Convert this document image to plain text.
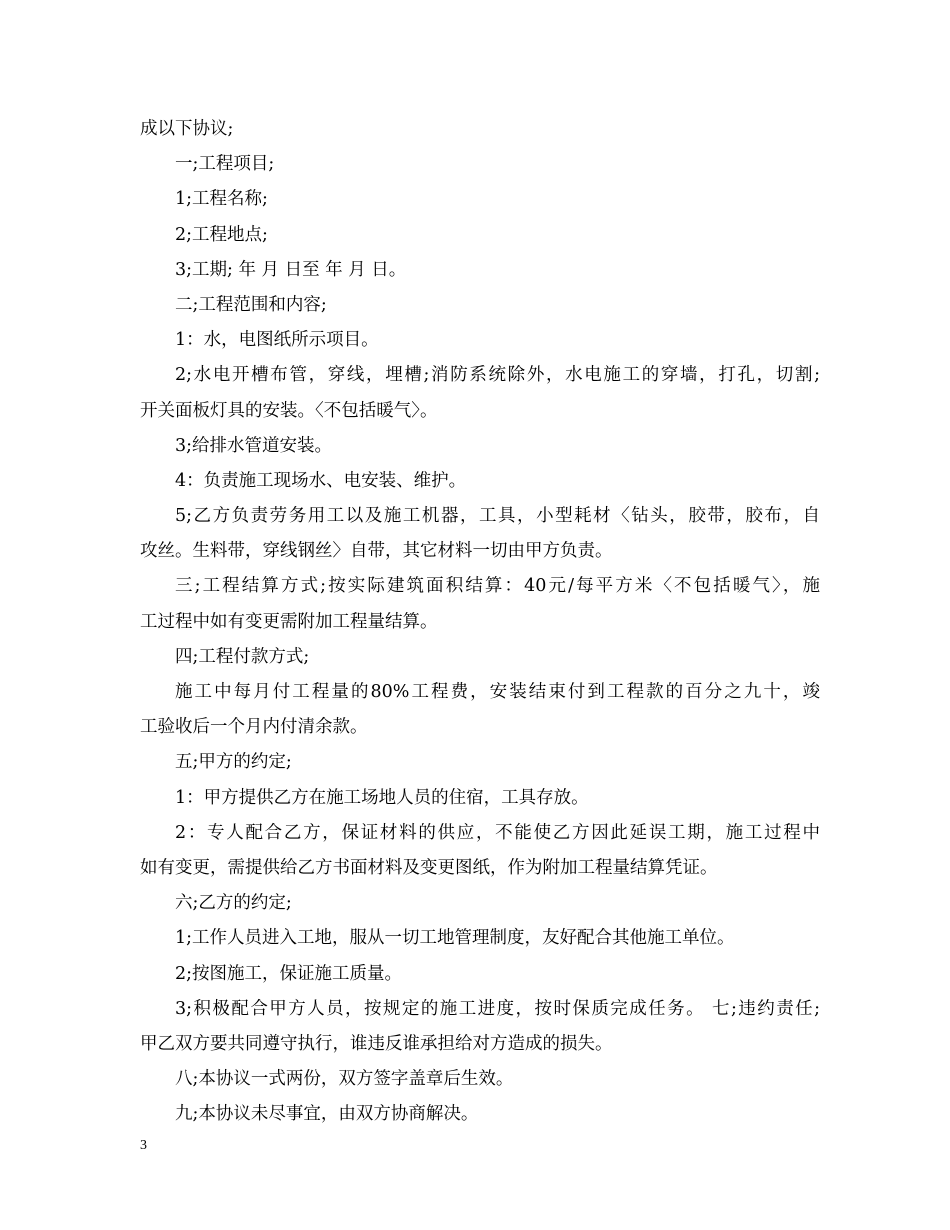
成以下协议;
一;工程项目;
1;工程名称;
2;工程地点;
3;工期; 年 月 日至 年 月 日。
二;工程范围和内容;
1：水，电图纸所示项目。
2;水电开槽布管，穿线，埋槽;消防系统除外，水电施工的穿墙，打孔，切割;
开关面板灯具的安装。〈不包括暖气〉。
3;给排水管道安装。
4：负责施工现场水、电安装、维护。
5;乙方负责劳务用工以及施工机器，工具，小型耗材〈钻头，胶带，胶布，自
攻丝。生料带，穿线钢丝〉自带，其它材料一切由甲方负责。
三;工程结算方式;按实际建筑面积结算：40元/每平方米〈不包括暖气〉，施
工过程中如有变更需附加工程量结算。
四;工程付款方式;
施工中每月付工程量的80%工程费，安装结束付到工程款的百分之九十，竣
工验收后一个月内付清余款。
五;甲方的约定;
1：甲方提供乙方在施工场地人员的住宿，工具存放。
2：专人配合乙方，保证材料的供应，不能使乙方因此延误工期，施工过程中
如有变更，需提供给乙方书面材料及变更图纸，作为附加工程量结算凭证。
六;乙方的约定;
1;工作人员进入工地，服从一切工地管理制度，友好配合其他施工单位。
2;按图施工，保证施工质量。
3;积极配合甲方人员，按规定的施工进度，按时保质完成任务。 七;违约责任;
甲乙双方要共同遵守执行，谁违反谁承担给对方造成的损失。
八;本协议一式两份，双方签字盖章后生效。
九;本协议未尽事宜，由双方协商解决。
3
